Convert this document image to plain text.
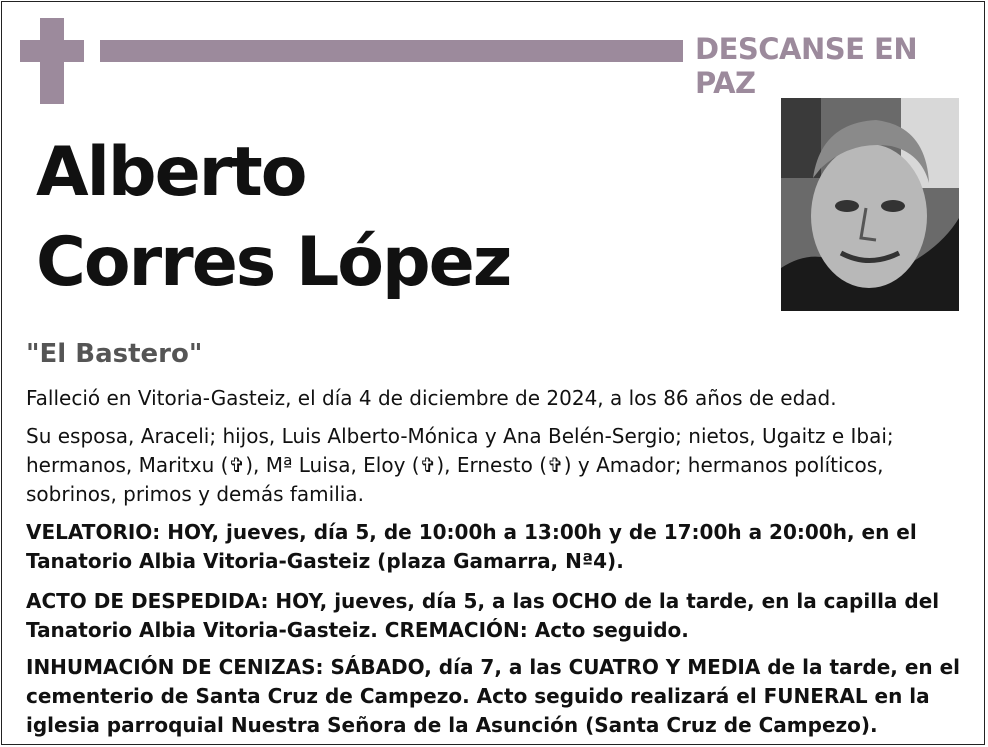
DESCANSE EN PAZ
Alberto
Corres López
"El Bastero"
Falleció en Vitoria-Gasteiz, el día 4 de diciembre de 2024, a los 86 años de edad.
Su esposa, Araceli; hijos, Luis Alberto-Mónica y Ana Belén-Sergio; nietos, Ugaitz e Ibai; hermanos, Maritxu (✞), Mª Luisa, Eloy (✞), Ernesto (✞) y Amador; hermanos políticos, sobrinos, primos y demás familia.
VELATORIO: HOY, jueves, día 5, de 10:00h a 13:00h y de 17:00h a 20:00h, en el Tanatorio Albia Vitoria-Gasteiz (plaza Gamarra, Nª4).
ACTO DE DESPEDIDA: HOY, jueves, día 5, a las OCHO de la tarde, en la capilla del Tanatorio Albia Vitoria-Gasteiz. CREMACIÓN: Acto seguido.
INHUMACIÓN DE CENIZAS: SÁBADO, día 7, a las CUATRO Y MEDIA de la tarde, en el cementerio de Santa Cruz de Campezo. Acto seguido realizará el FUNERAL en la iglesia parroquial Nuestra Señora de la Asunción (Santa Cruz de Campezo).
